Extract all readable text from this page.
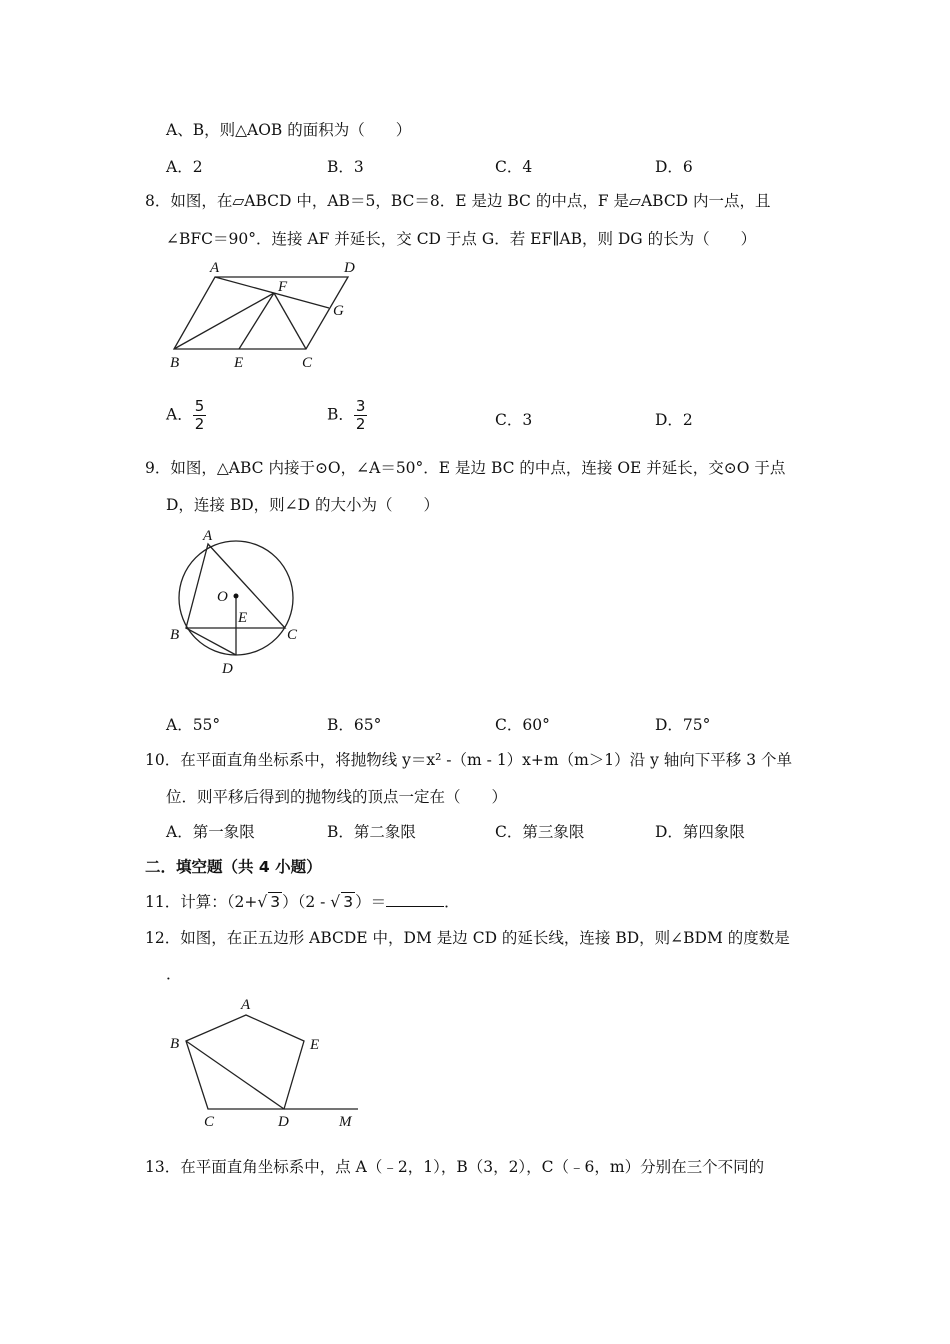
A、B，则△AOB 的面积为（　　）
A．2	B．3	C．4	D．6
8．如图，在▱ABCD 中，AB＝5，BC＝8．E 是边 BC 的中点，F 是▱ABCD 内一点，且
∠BFC＝90°．连接 AF 并延长，交 CD 于点 G．若 EF∥AB，则 DG 的长为（　　）
A	D
F
G
B	E	C
A． $\frac{5}{2}$	B． $\frac{3}{2}$	C．3	D．2
9．如图，△ABC 内接于⊙O，∠A＝50°．E 是边 BC 的中点，连接 OE 并延长，交⊙O 于点
D，连接 BD，则∠D 的大小为（　　）
A
O
E
B	C
D
A．55°	B．65°	C．60°	D．75°
10．在平面直角坐标系中，将抛物线 y＝x² -（m - 1）x+m（m＞1）沿 y 轴向下平移 3 个单
位．则平移后得到的抛物线的顶点一定在（　　）
A．第一象限	B．第二象限	C．第三象限	D．第四象限
二．填空题（共 4 小题）
11．计算：（2+√ 3 ）（2 - √ 3 ）＝	．
12．如图，在正五边形 ABCDE 中，DM 是边 CD 的延长线，连接 BD，则∠BDM 的度数是
．
A
B	E
C	D	M
13．在平面直角坐标系中，点 A（﹣2，1），B（3，2），C（﹣6，m）分别在三个不同的
